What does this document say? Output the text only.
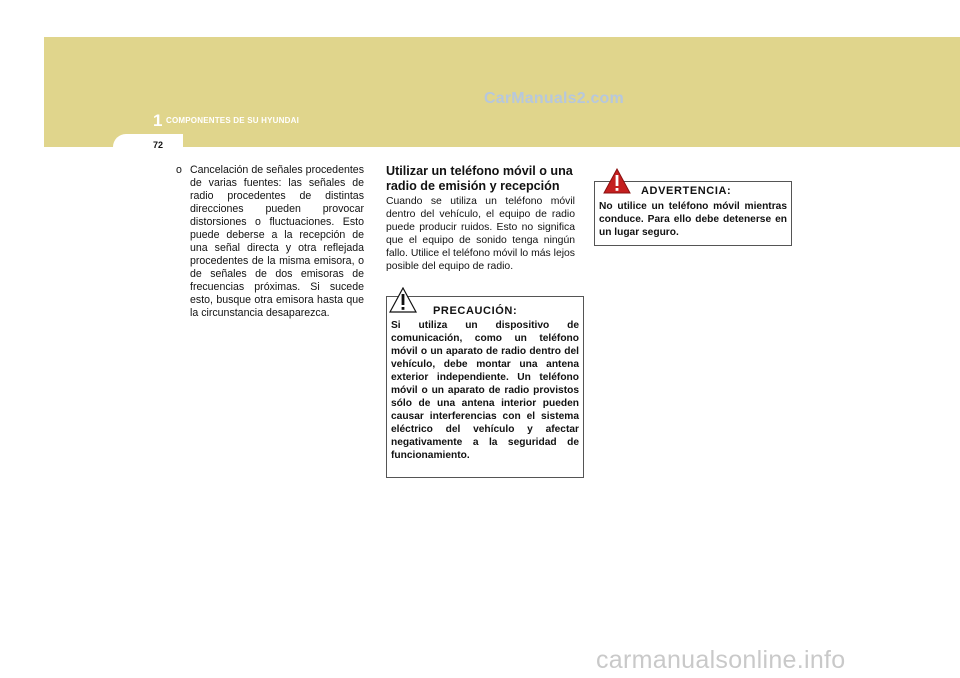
CarManuals2.com
1 COMPONENTES DE SU HYUNDAI
72
o Cancelación de señales procedentes de varias fuentes: las señales de radio procedentes de distintas direcciones pueden provocar distorsiones o fluctuaciones. Esto puede deberse a la recepción de una señal directa y otra reflejada procedentes de la misma emisora, o de señales de dos emisoras de frecuencias próximas. Si sucede esto, busque otra emisora hasta que la circunstancia desaparezca.
Utilizar un teléfono móvil o una radio de emisión y recepción

Cuando se utiliza un teléfono móvil dentro del vehículo, el equipo de radio puede producir ruidos. Esto no significa que el equipo de sonido tenga ningún fallo. Utilice el teléfono móvil lo más lejos posible del equipo de radio.

PRECAUCIÓN:
Si utiliza un dispositivo de comunicación, como un teléfono móvil o un aparato de radio dentro del vehículo, debe montar una antena exterior independiente. Un teléfono móvil o un aparato de radio provistos sólo de una antena interior pueden causar interferencias con el sistema eléctrico del vehículo y afectar negativamente a la seguridad de funcionamiento.
ADVERTENCIA:
No utilice un teléfono móvil mientras conduce. Para ello debe detenerse en un lugar seguro.
carmanualsonline.info
